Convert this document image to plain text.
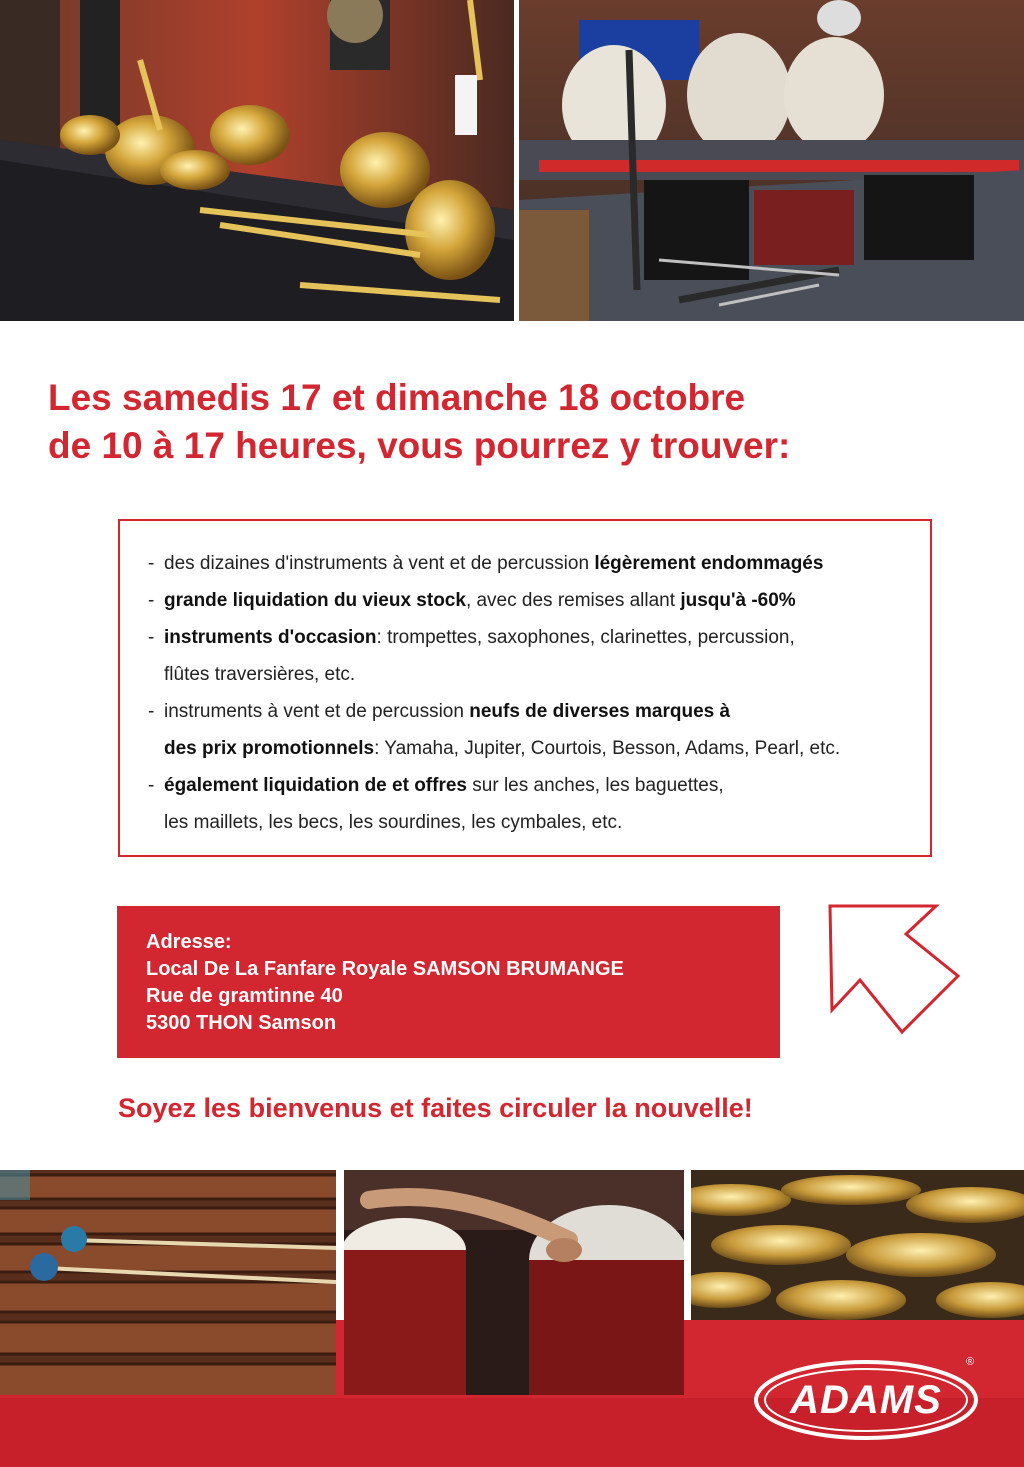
Les samedis 17 et dimanche 18 octobre
de 10 à 17 heures, vous pourrez y trouver:
- des dizaines d'instruments à vent et de percussion légèrement endommagés
- grande liquidation du vieux stock, avec des remises allant jusqu'à -60%
- instruments d'occasion: trompettes, saxophones, clarinettes, percussion,
flûtes traversières, etc.
- instruments à vent et de percussion neufs de diverses marques à
des prix promotionnels: Yamaha, Jupiter, Courtois, Besson, Adams, Pearl, etc.
- également liquidation de et offres sur les anches, les baguettes,
les maillets, les becs, les sourdines, les cymbales, etc.
Adresse:
Local De La Fanfare Royale SAMSON BRUMANGE
Rue de gramtinne 40
5300 THON Samson
Soyez les bienvenus et faites circuler la nouvelle!
ADAMS
®
